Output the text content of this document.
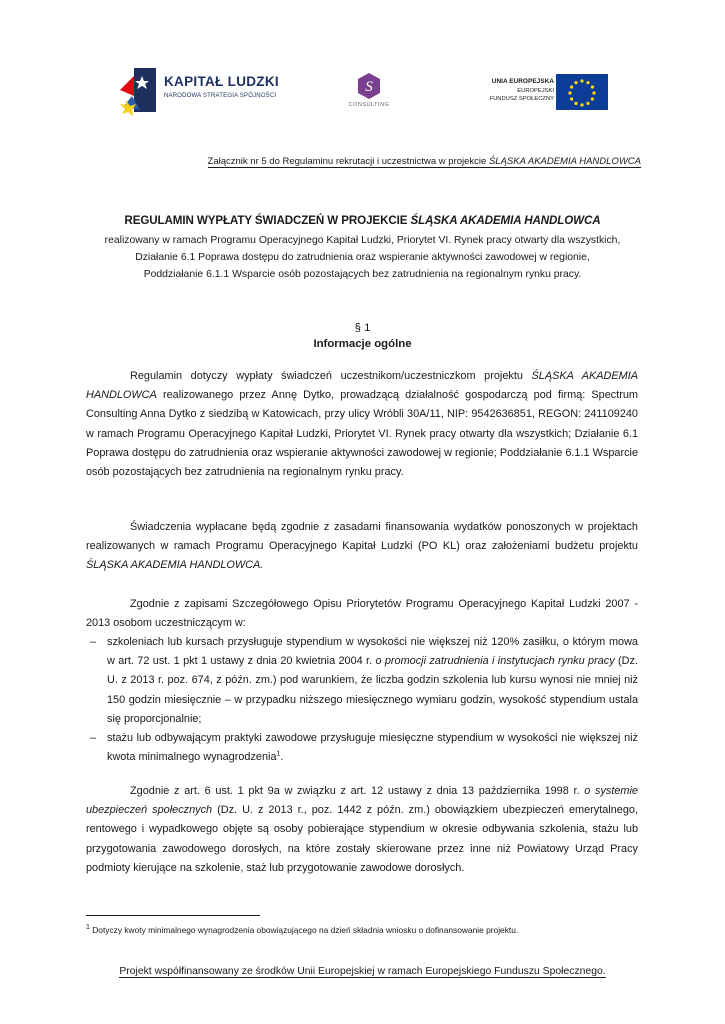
KAPITAŁ LUDZKI
NARODOWA STRATEGIA SPÓJNOŚCI
S
CONSULTING
UNIA EUROPEJSKA
EUROPEJSKI
FUNDUSZ SPOŁECZNY
Załącznik nr 5 do Regulaminu rekrutacji i uczestnictwa w projekcie ŚLĄSKA AKADEMIA HANDLOWCA
REGULAMIN WYPŁATY ŚWIADCZEŃ W PROJEKCIE ŚLĄSKA AKADEMIA HANDLOWCA
realizowany w ramach Programu Operacyjnego Kapitał Ludzki, Priorytet VI. Rynek pracy otwarty dla wszystkich,
Działanie 6.1 Poprawa dostępu do zatrudnienia oraz wspieranie aktywności zawodowej w regionie,
Poddziałanie 6.1.1 Wsparcie osób pozostających bez zatrudnienia na regionalnym rynku pracy.
§ 1
Informacje ogólne
Regulamin dotyczy wypłaty świadczeń uczestnikom/uczestniczkom projektu ŚLĄSKA AKADEMIA HANDLOWCA realizowanego przez Annę Dytko, prowadzącą działalność gospodarczą pod firmą: Spectrum Consulting Anna Dytko z siedzibą w Katowicach, przy ulicy Wróbli 30A/11, NIP: 9542636851, REGON: 241109240 w ramach Programu Operacyjnego Kapitał Ludzki, Priorytet VI. Rynek pracy otwarty dla wszystkich; Działanie 6.1 Poprawa dostępu do zatrudnienia oraz wspieranie aktywności zawodowej w regionie; Poddziałanie 6.1.1 Wsparcie osób pozostających bez zatrudnienia na regionalnym rynku pracy.
Świadczenia wypłacane będą zgodnie z zasadami finansowania wydatków ponoszonych w projektach realizowanych w ramach Programu Operacyjnego Kapitał Ludzki (PO KL) oraz założeniami budżetu projektu ŚLĄSKA AKADEMIA HANDLOWCA.
Zgodnie z zapisami Szczegółowego Opisu Priorytetów Programu Operacyjnego Kapitał Ludzki 2007 - 2013 osobom uczestniczącym w:
– szkoleniach lub kursach przysługuje stypendium w wysokości nie większej niż 120% zasiłku, o którym mowa w art. 72 ust. 1 pkt 1 ustawy z dnia 20 kwietnia 2004 r. o promocji zatrudnienia i instytucjach rynku pracy (Dz. U. z 2013 r. poz. 674, z późn. zm.) pod warunkiem, że liczba godzin szkolenia lub kursu wynosi nie mniej niż 150 godzin miesięcznie – w przypadku niższego miesięcznego wymiaru godzin, wysokość stypendium ustala się proporcjonalnie;
– stażu lub odbywającym praktyki zawodowe przysługuje miesięczne stypendium w wysokości nie większej niż kwota minimalnego wynagrodzenia$^1$.
Zgodnie z art. 6 ust. 1 pkt 9a w związku z art. 12 ustawy z dnia 13 października 1998 r. o systemie ubezpieczeń społecznych (Dz. U. z 2013 r., poz. 1442 z późn. zm.) obowiązkiem ubezpieczeń emerytalnego, rentowego i wypadkowego objęte są osoby pobierające stypendium w okresie odbywania szkolenia, stażu lub przygotowania zawodowego dorosłych, na które zostały skierowane przez inne niż Powiatowy Urząd Pracy podmioty kierujące na szkolenie, staż lub przygotowanie zawodowe dorosłych.
$^1$ Dotyczy kwoty minimalnego wynagrodzenia obowiązującego na dzień składnia wniosku o dofinansowanie projektu.
Projekt współfinansowany ze środków Unii Europejskiej w ramach Europejskiego Funduszu Społecznego.
